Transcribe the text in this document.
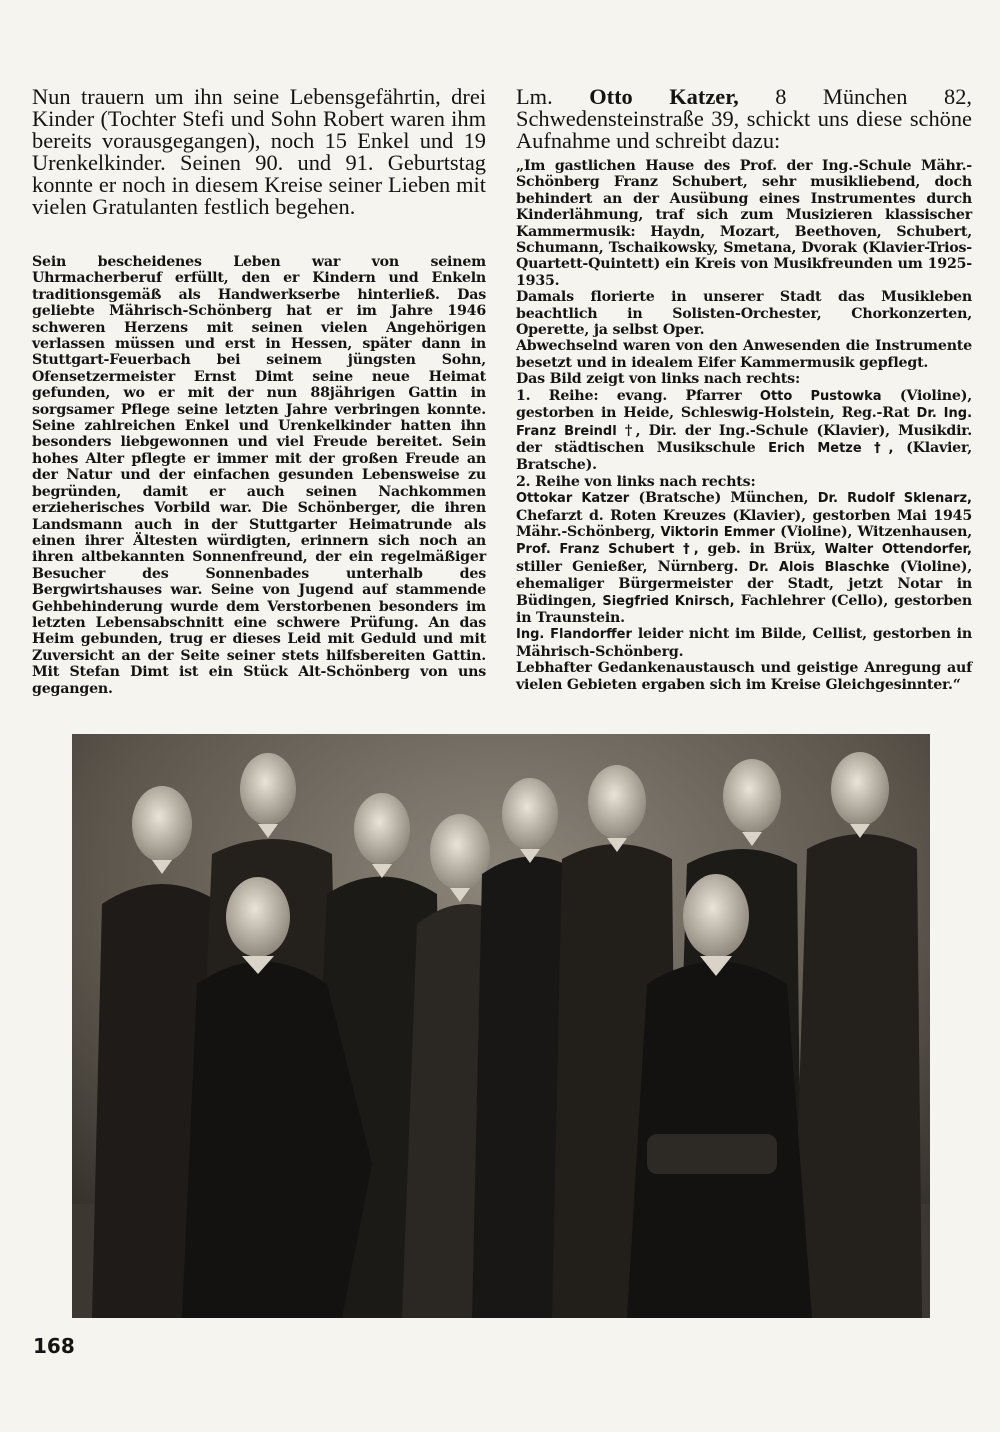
Nun trauern um ihn seine Lebensgefährtin, drei Kinder (Tochter Stefi und Sohn Robert waren ihm bereits vorausgegangen), noch 15 Enkel und 19 Urenkelkinder. Seinen 90. und 91. Geburtstag konnte er noch in diesem Kreise seiner Lieben mit vielen Gratulanten festlich begehen.

Sein bescheidenes Leben war von seinem Uhrmacherberuf erfüllt, den er Kindern und Enkeln traditionsgemäß als Handwerkserbe hinterließ. Das geliebte Mährisch-Schönberg hat er im Jahre 1946 schweren Herzens mit seinen vielen Angehörigen verlassen müssen und erst in Hessen, später dann in Stuttgart-Feuerbach bei seinem jüngsten Sohn, Ofensetzermeister Ernst Dimt seine neue Heimat gefunden, wo er mit der nun 88jährigen Gattin in sorgsamer Pflege seine letzten Jahre verbringen konnte. Seine zahlreichen Enkel und Urenkelkinder hatten ihn besonders liebgewonnen und viel Freude bereitet. Sein hohes Alter pflegte er immer mit der großen Freude an der Natur und der einfachen gesunden Lebensweise zu begründen, damit er auch seinen Nachkommen erzieherisches Vorbild war. Die Schönberger, die ihren Landsmann auch in der Stuttgarter Heimatrunde als einen ihrer Ältesten würdigten, erinnern sich noch an ihren altbekannten Sonnenfreund, der ein regelmäßiger Besucher des Sonnenbades unterhalb des Bergwirtshauses war. Seine von Jugend auf stammende Gehbehinderung wurde dem Verstorbenen besonders im letzten Lebensabschnitt eine schwere Prüfung. An das Heim gebunden, trug er dieses Leid mit Geduld und mit Zuversicht an der Seite seiner stets hilfsbereiten Gattin. Mit Stefan Dimt ist ein Stück Alt-Schönberg von uns gegangen.

Lm. Otto Katzer, 8 München 82, Schwedensteinstraße 39, schickt uns diese schöne Aufnahme und schreibt dazu:

„Im gastlichen Hause des Prof. der Ing.-Schule Mähr.-Schönberg Franz Schubert, sehr musikliebend, doch behindert an der Ausübung eines Instrumentes durch Kinderlähmung, traf sich zum Musizieren klassischer Kammermusik: Haydn, Mozart, Beethoven, Schubert, Schumann, Tschaikowsky, Smetana, Dvorak (Klavier-Trios-Quartett-Quintett) ein Kreis von Musikfreunden um 1925-1935.

Damals florierte in unserer Stadt das Musikleben beachtlich in Solisten-Orchester, Chorkonzerten, Operette, ja selbst Oper.

Abwechselnd waren von den Anwesenden die Instrumente besetzt und in idealem Eifer Kammermusik gepflegt.

Das Bild zeigt von links nach rechts:

1. Reihe: evang. Pfarrer Otto Pustowka (Violine), gestorben in Heide, Schleswig-Holstein, Reg.-Rat Dr. Ing. Franz Breindl †, Dir. der Ing.-Schule (Klavier), Musikdir. der städtischen Musikschule Erich Metze †, (Klavier, Bratsche).

2. Reihe von links nach rechts:

Ottokar Katzer (Bratsche) München, Dr. Rudolf Sklenarz, Chefarzt d. Roten Kreuzes (Klavier), gestorben Mai 1945 Mähr.-Schönberg, Viktorin Emmer (Violine), Witzenhausen, Prof. Franz Schubert †, geb. in Brüx, Walter Ottendorfer, stiller Genießer, Nürnberg. Dr. Alois Blaschke (Violine), ehemaliger Bürgermeister der Stadt, jetzt Notar in Büdingen, Siegfried Knirsch, Fachlehrer (Cello), gestorben in Traunstein.

Ing. Flandorffer leider nicht im Bilde, Cellist, gestorben in Mährisch-Schönberg.

Lebhafter Gedankenaustausch und geistige Anregung auf vielen Gebieten ergaben sich im Kreise Gleichgesinnter.“

168
